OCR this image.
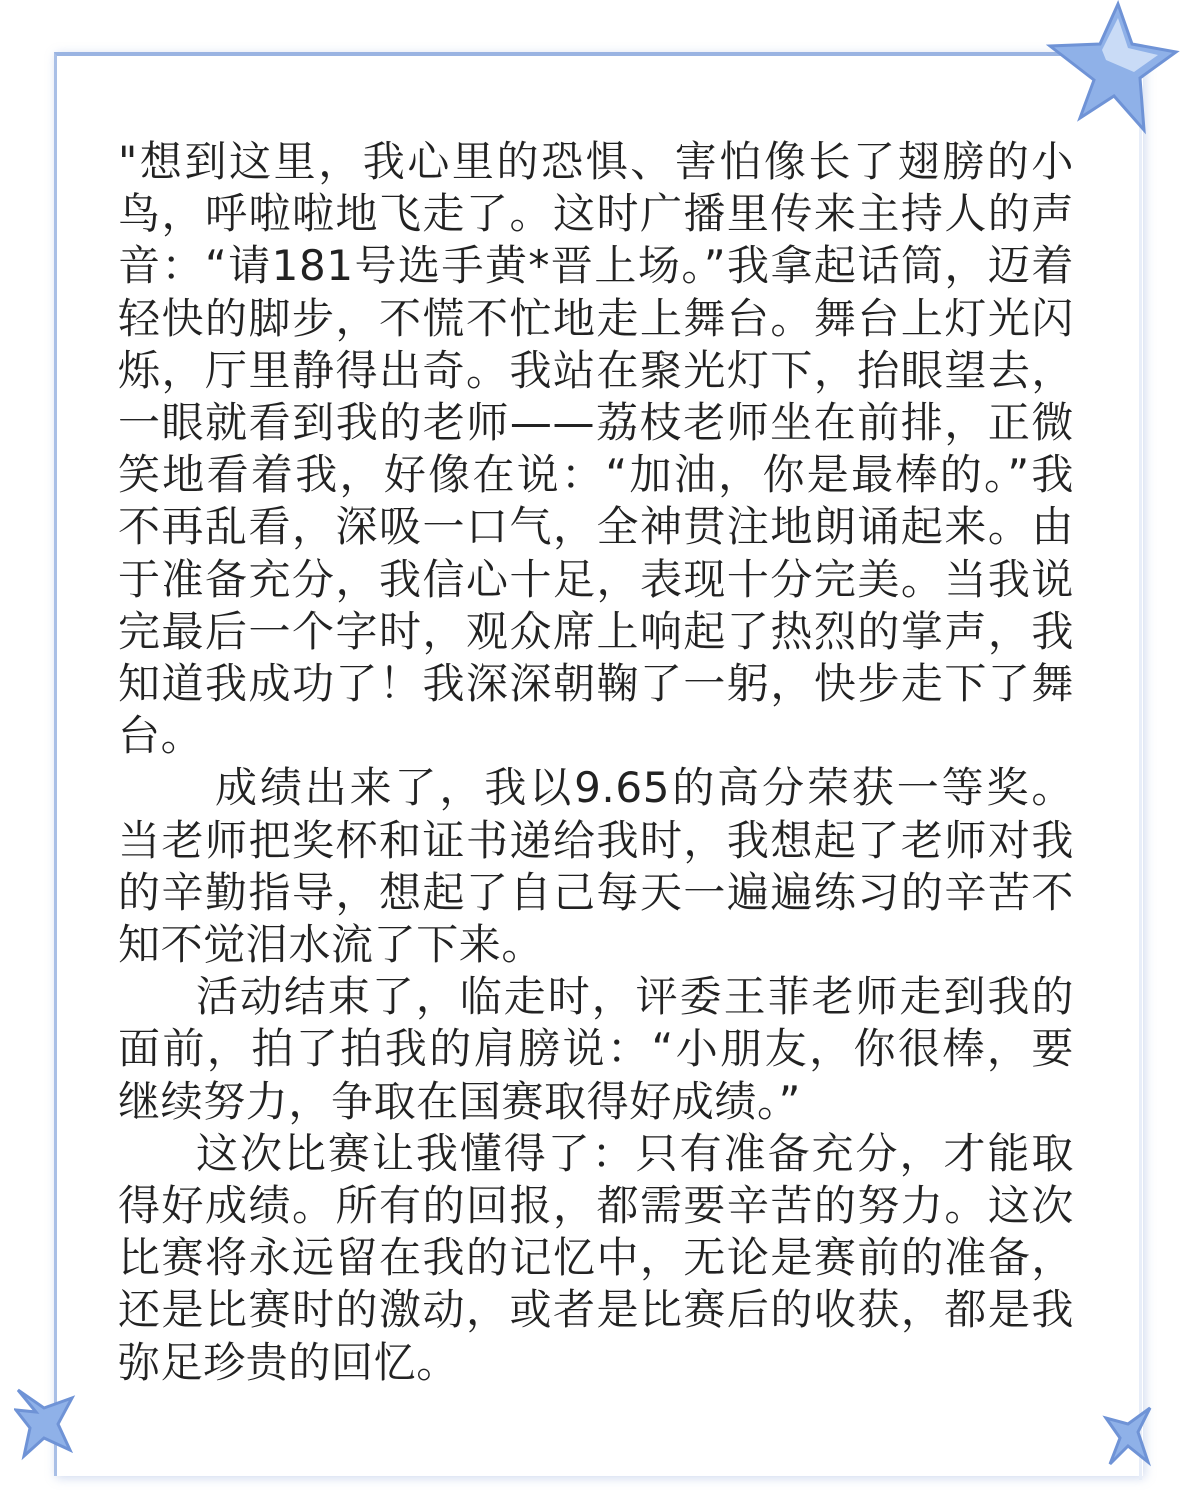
"想到这里，我心里的恐惧、害怕像长了翅膀的小鸟，呼啦啦地飞走了。这时广播里传来主持人的声音：“请181号选手黄*晋上场。”我拿起话筒，迈着轻快的脚步，不慌不忙地走上舞台。舞台上灯光闪烁，厅里静得出奇。我站在聚光灯下，抬眼望去，一眼就看到我的老师——荔枝老师坐在前排，正微笑地看着我，好像在说：“加油，你是最棒的。”我不再乱看，深吸一口气，全神贯注地朗诵起来。由于准备充分，我信心十足，表现十分完美。当我说完最后一个字时，观众席上响起了热烈的掌声，我知道我成功了！我深深朝鞠了一躬，快步走下了舞台。

成绩出来了，我以9.65的高分荣获一等奖。当老师把奖杯和证书递给我时，我想起了老师对我的辛勤指导，想起了自己每天一遍遍练习的辛苦不知不觉泪水流了下来。

活动结束了，临走时，评委王菲老师走到我的面前，拍了拍我的肩膀说：“小朋友，你很棒，要继续努力，争取在国赛取得好成绩。”

这次比赛让我懂得了：只有准备充分，才能取得好成绩。所有的回报，都需要辛苦的努力。这次比赛将永远留在我的记忆中，无论是赛前的准备，还是比赛时的激动，或者是比赛后的收获，都是我弥足珍贵的回忆。
